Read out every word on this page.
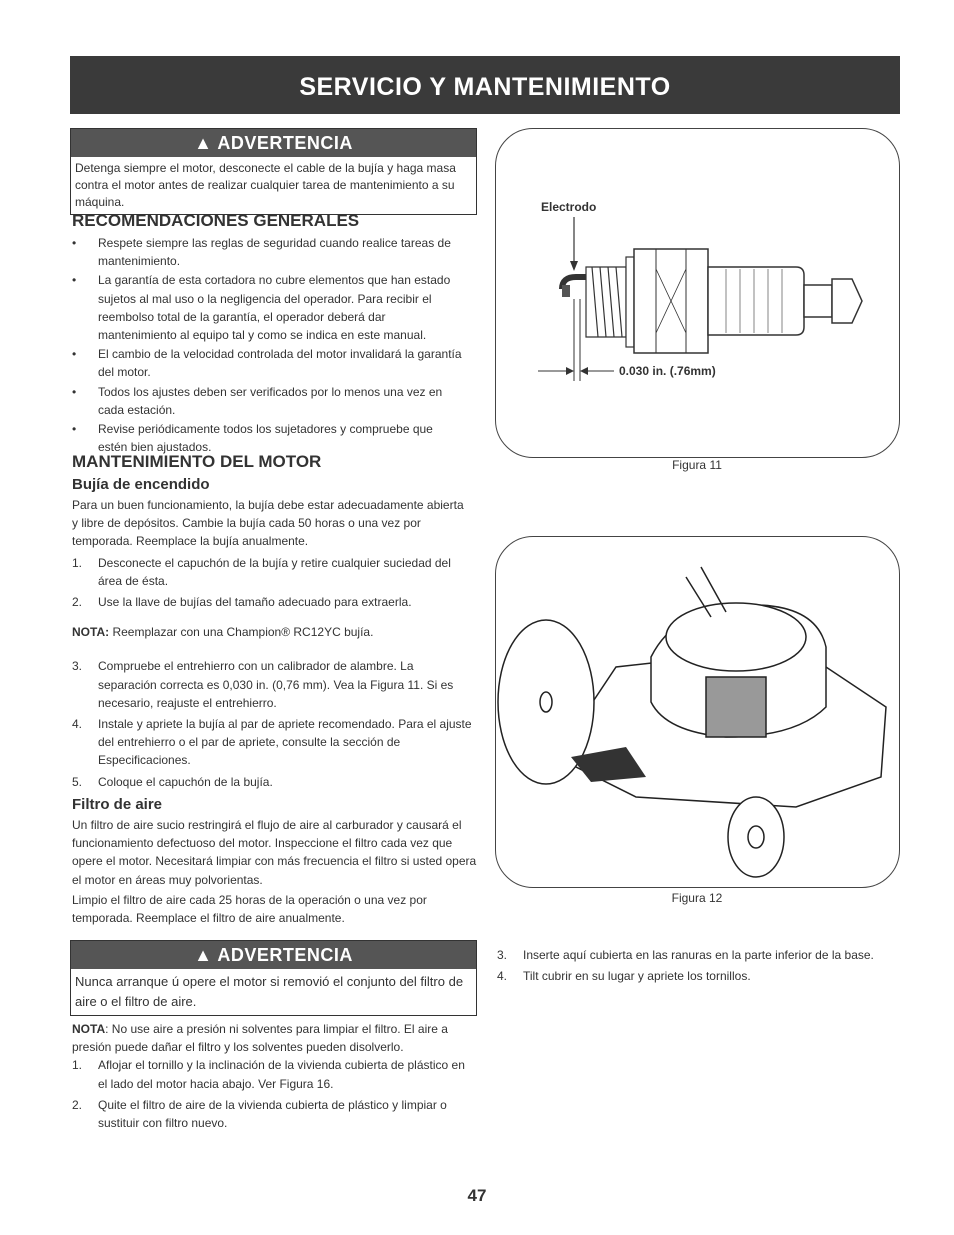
SERVICIO Y MANTENIMIENTO
▲ ADVERTENCIA
Detenga siempre el motor, desconecte el cable de la bujía y haga masa contra el motor antes de realizar cualquier tarea de mantenimiento a su máquina.
RECOMENDACIONES GENERALES
• Respete siempre las reglas de seguridad cuando realice tareas de mantenimiento.
• La garantía de esta cortadora no cubre elementos que han estado sujetos al mal uso o la negligencia del operador. Para recibir el reembolso total de la garantía, el operador deberá dar mantenimiento al equipo tal y como se indica en este manual.
• El cambio de la velocidad controlada del motor invalidará la garantía del motor.
• Todos los ajustes deben ser verificados por lo menos una vez en cada estación.
• Revise periódicamente todos los sujetadores y compruebe que estén bien ajustados.
MANTENIMIENTO DEL MOTOR
Bujía de encendido
Para un buen funcionamiento, la bujía debe estar adecuadamente abierta y libre de depósitos. Cambie la bujía cada 50 horas o una vez por temporada. Reemplace la bujía anualmente.
1. Desconecte el capuchón de la bujía y retire cualquier suciedad del área de ésta.
2. Use la llave de bujías del tamaño adecuado para extraerla.
NOTA: Reemplazar con una Champion® RC12YC bujía.
3. Compruebe el entrehierro con un calibrador de alambre. La separación correcta es 0,030 in. (0,76 mm). Vea la Figura 11. Si es necesario, reajuste el entrehierro.
4. Instale y apriete la bujía al par de apriete recomendado. Para el ajuste del entrehierro o el par de apriete, consulte la sección de Especificaciones.
5. Coloque el capuchón de la bujía.
Filtro de aire
Un filtro de aire sucio restringirá el flujo de aire al carburador y causará el funcionamiento defectuoso del motor. Inspeccione el filtro cada vez que opere el motor. Necesitará limpiar con más frecuencia el filtro si usted opera el motor en áreas muy polvorientas.
Limpio el filtro de aire cada 25 horas de la operación o una vez por temporada. Reemplace el filtro de aire anualmente.
▲ ADVERTENCIA
Nunca arranque ú opere el motor si removió el conjunto del filtro de aire o el filtro de aire.
NOTA: No use aire a presión ni solventes para limpiar el filtro. El aire a presión puede dañar el filtro y los solventes pueden disolverlo.
1. Aflojar el tornillo y la inclinación de la vivienda cubierta de plástico en el lado del motor hacia abajo. Ver Figura 16.
2. Quite el filtro de aire de la vivienda cubierta de plástico y limpiar o sustituir con filtro nuevo.
Electrodo
0.030 in. (.76mm)
Figura 11
Figura 12
3. Inserte aquí cubierta en las ranuras en la parte inferior de la base.
4. Tilt cubrir en su lugar y apriete los tornillos.
47
